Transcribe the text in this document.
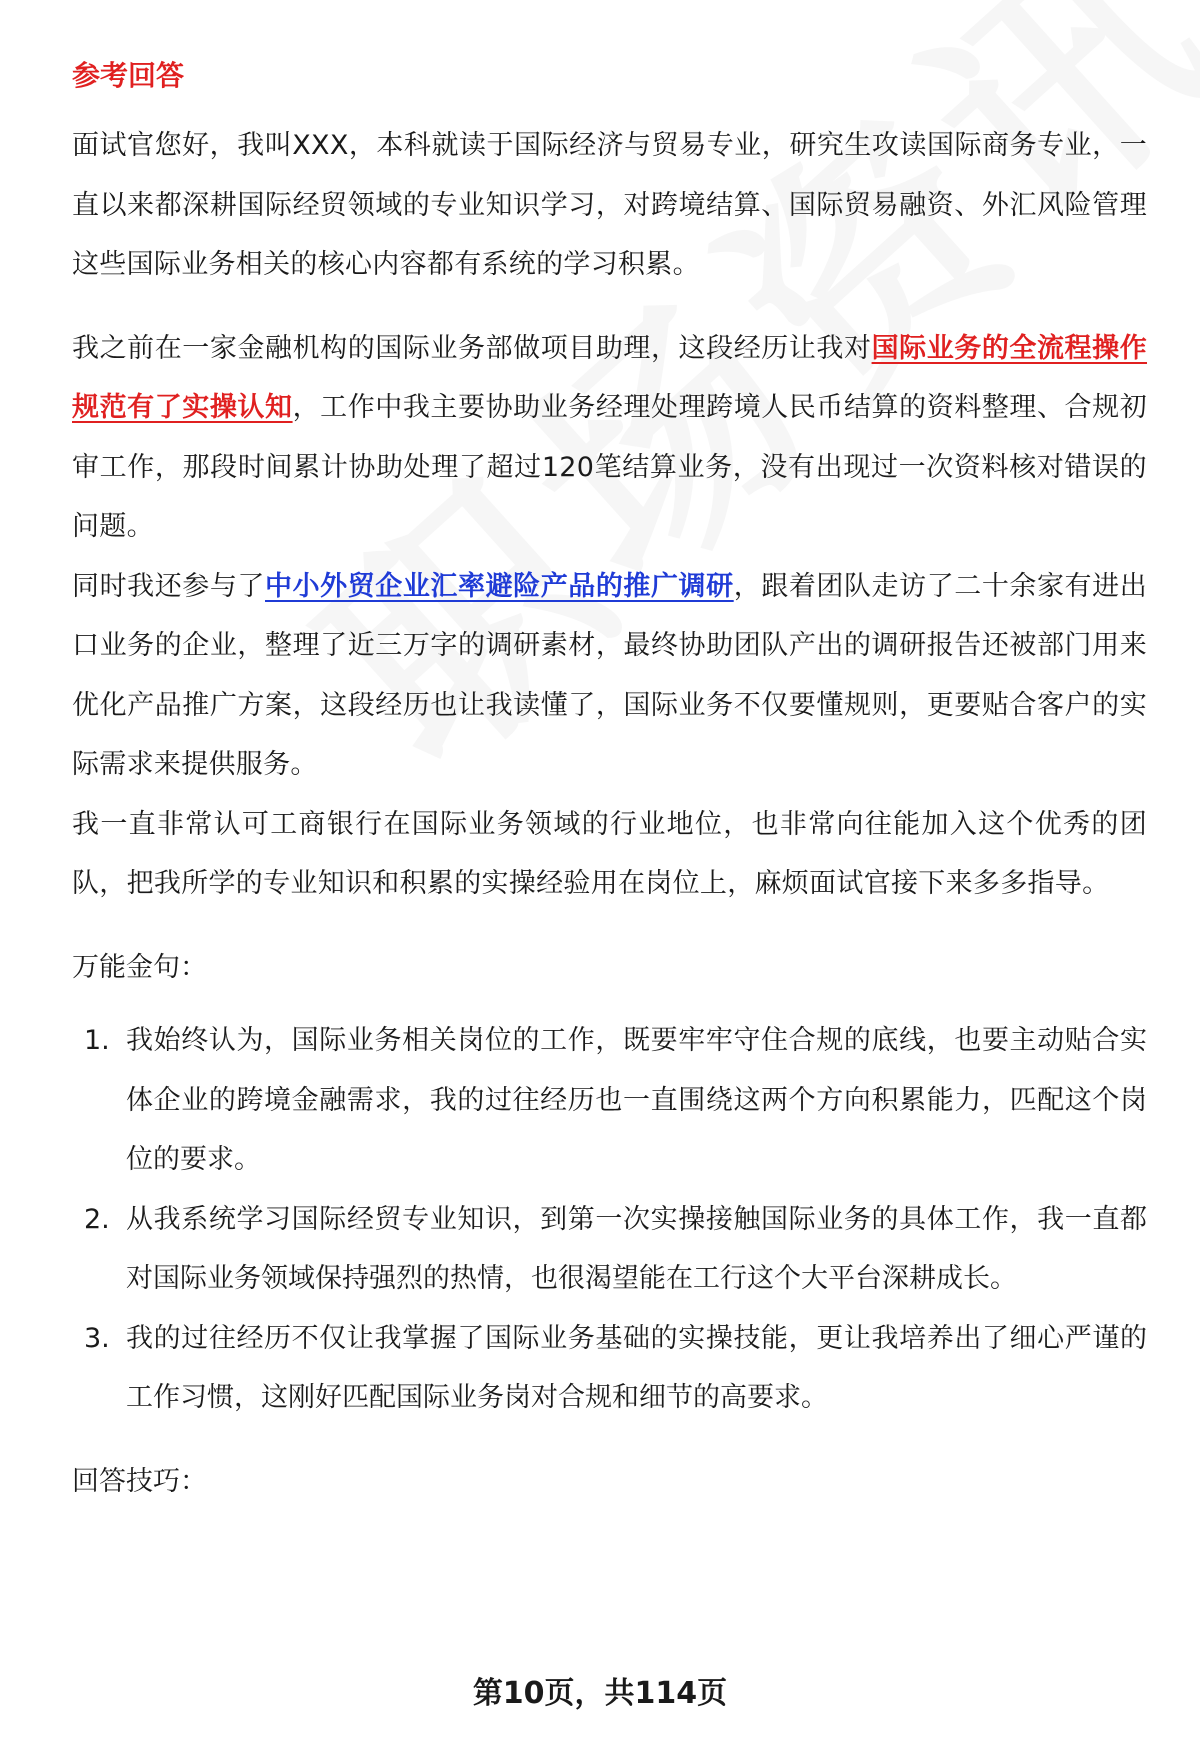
参考回答

面试官您好，我叫XXX，本科就读于国际经济与贸易专业，研究生攻读国际商务专业，一直以来都深耕国际经贸领域的专业知识学习，对跨境结算、国际贸易融资、外汇风险管理这些国际业务相关的核心内容都有系统的学习积累。

我之前在一家金融机构的国际业务部做项目助理，这段经历让我对国际业务的全流程操作规范有了实操认知，工作中我主要协助业务经理处理跨境人民币结算的资料整理、合规初审工作，那段时间累计协助处理了超过120笔结算业务，没有出现过一次资料核对错误的问题。

同时我还参与了中小外贸企业汇率避险产品的推广调研，跟着团队走访了二十余家有进出口业务的企业，整理了近三万字的调研素材，最终协助团队产出的调研报告还被部门用来优化产品推广方案，这段经历也让我读懂了，国际业务不仅要懂规则，更要贴合客户的实际需求来提供服务。

我一直非常认可工商银行在国际业务领域的行业地位，也非常向往能加入这个优秀的团队，把我所学的专业知识和积累的实操经验用在岗位上，麻烦面试官接下来多多指导。

万能金句：
1. 我始终认为，国际业务相关岗位的工作，既要牢牢守住合规的底线，也要主动贴合实体企业的跨境金融需求，我的过往经历也一直围绕这两个方向积累能力，匹配这个岗位的要求。
2. 从我系统学习国际经贸专业知识，到第一次实操接触国际业务的具体工作，我一直都对国际业务领域保持强烈的热情，也很渴望能在工行这个大平台深耕成长。
3. 我的过往经历不仅让我掌握了国际业务基础的实操技能，更让我培养出了细心严谨的工作习惯，这刚好匹配国际业务岗对合规和细节的高要求。
回答技巧：
第10页，共114页
